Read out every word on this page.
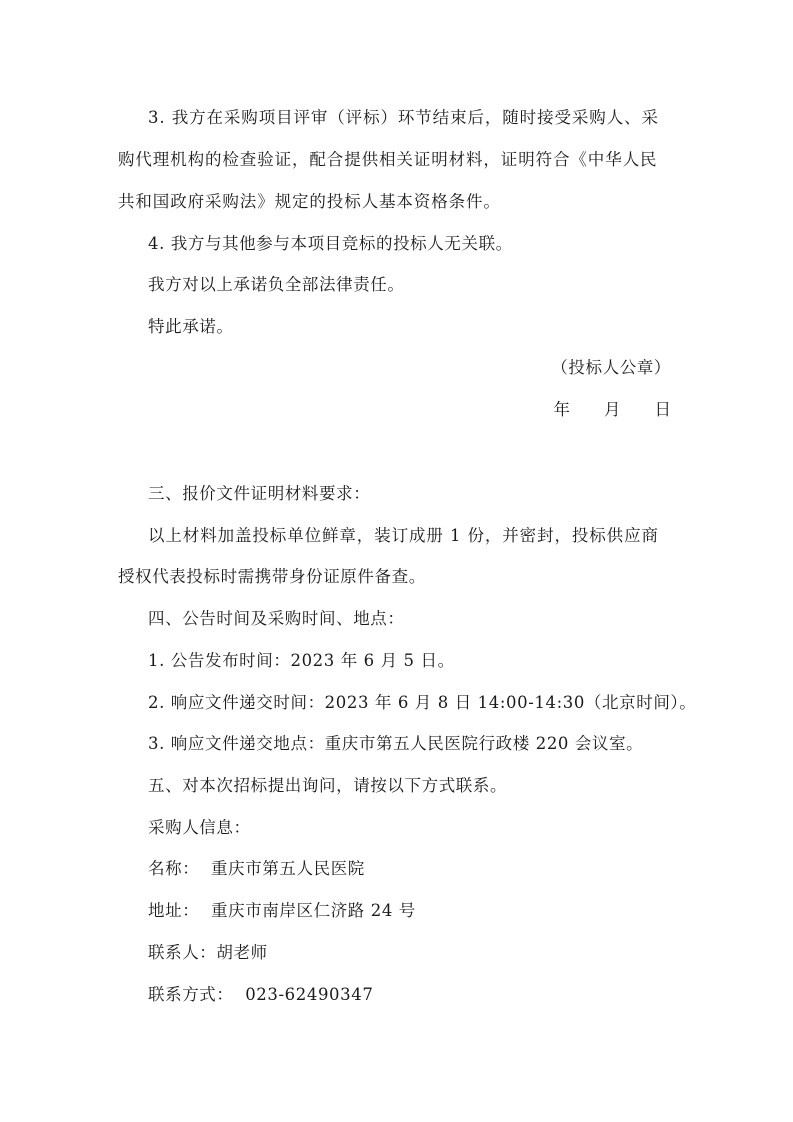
3. 我方在采购项目评审（评标）环节结束后，随时接受采购人、采
购代理机构的检查验证，配合提供相关证明材料，证明符合《中华人民
共和国政府采购法》规定的投标人基本资格条件。
4. 我方与其他参与本项目竞标的投标人无关联。
我方对以上承诺负全部法律责任。
特此承诺。
（投标人公章）
年 月 日
三、报价文件证明材料要求：
以上材料加盖投标单位鲜章，装订成册 1 份，并密封，投标供应商
授权代表投标时需携带身份证原件备查。
四、公告时间及采购时间、地点：
1. 公告发布时间：2023 年 6 月 5 日。
2. 响应文件递交时间：2023 年 6 月 8 日 14:00-14:30（北京时间）。
3. 响应文件递交地点：重庆市第五人民医院行政楼 220 会议室。
五、对本次招标提出询问，请按以下方式联系。
采购人信息：
名称：  重庆市第五人民医院
地址：  重庆市南岸区仁济路 24 号
联系人：胡老师
联系方式：  023-62490347
